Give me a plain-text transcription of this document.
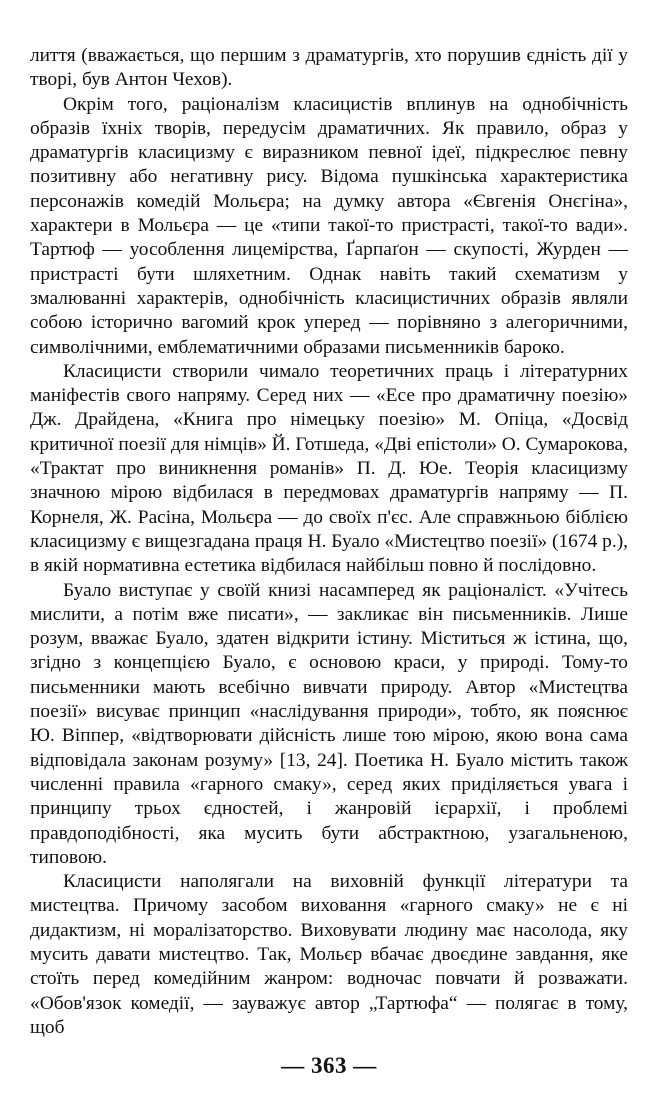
лиття (вважається, що першим з драматургів, хто порушив єдність дії у творі, був Антон Чехов).

Окрім того, раціоналізм класицистів вплинув на однобічність образів їхніх творів, передусім драматичних. Як правило, образ у драматургів класицизму є виразником певної ідеї, підкреслює певну позитивну або негативну рису. Відома пушкінська характеристика персонажів комедій Мольєра; на думку автора «Євгенія Онєгіна», характери в Мольєра — це «типи такої-то пристрасті, такої-то вади». Тартюф — уособлення лицемірства, Ґарпаґон — скупості, Журден — пристрасті бути шляхетним. Однак навіть такий схематизм у змалюванні характерів, однобічність класицистичних образів являли собою історично вагомий крок уперед — порівняно з алегоричними, символічними, емблематичними образами письменників бароко.

Класицисти створили чимало теоретичних праць і літературних маніфестів свого напряму. Серед них — «Есе про драматичну поезію» Дж. Драйдена, «Книга про німецьку поезію» М. Опіца, «Досвід критичної поезії для німців» Й. Готшеда, «Дві епістоли» О. Сумарокова, «Трактат про виникнення романів» П. Д. Юе. Теорія класицизму значною мірою відбилася в передмовах драматургів напряму — П. Корнеля, Ж. Расіна, Мольєра — до своїх п'єс. Але справжньою біблією класицизму є вищезгадана праця Н. Буало «Мистецтво поезії» (1674 р.), в якій нормативна естетика відбилася найбільш повно й послідовно.

Буало виступає у своїй книзі насамперед як раціоналіст. «Учітесь мислити, а потім вже писати», — закликає він письменників. Лише розум, вважає Буало, здатен відкрити істину. Міститься ж істина, що, згідно з концепцією Буало, є основою краси, у природі. Тому-то письменники мають всебічно вивчати природу. Автор «Мистецтва поезії» висуває принцип «наслідування природи», тобто, як пояснює Ю. Віппер, «відтворювати дійсність лише тою мірою, якою вона сама відповідала законам розуму» [13, 24]. Поетика Н. Буало містить також численні правила «гарного смаку», серед яких приділяється увага і принципу трьох єдностей, і жанровій ієрархії, і проблемі правдоподібності, яка мусить бути абстрактною, узагальненою, типовою.

Класицисти наполягали на виховній функції літератури та мистецтва. Причому засобом виховання «гарного смаку» не є ні дидактизм, ні моралізаторство. Виховувати людину має насолода, яку мусить давати мистецтво. Так, Мольєр вбачає двоєдине завдання, яке стоїть перед комедійним жанром: водночас повчати й розважати. «Обов'язок комедії, — зауважує автор „Тартюфа“ — полягає в тому, щоб

— 363 —
